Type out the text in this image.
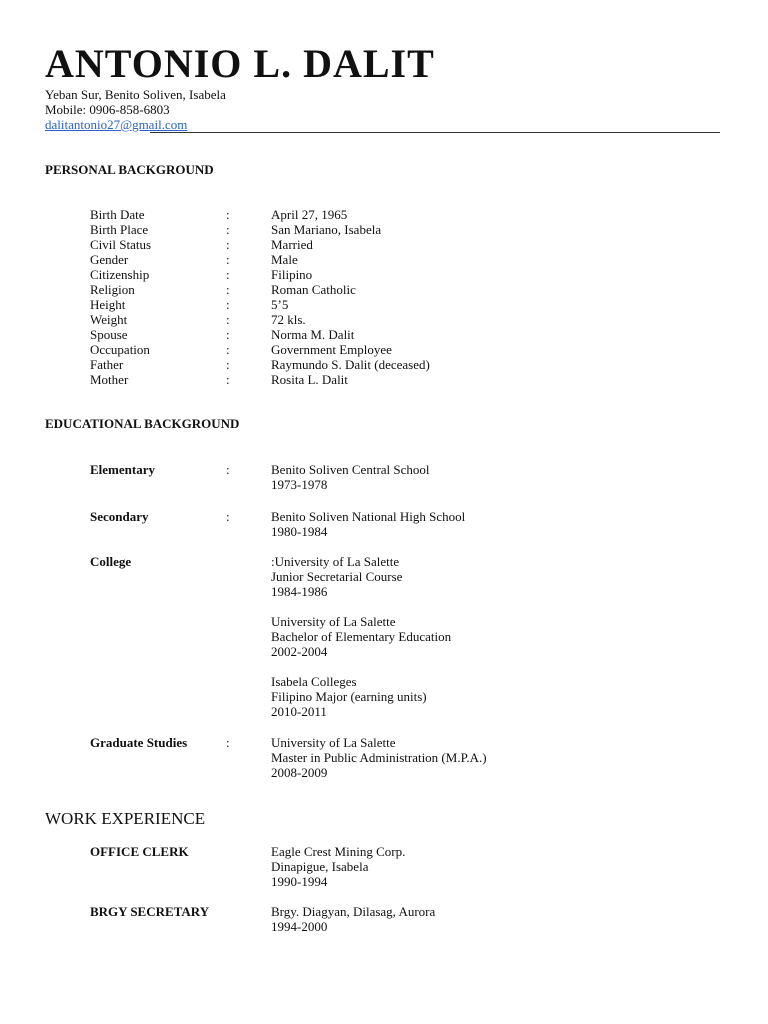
ANTONIO L. DALIT
Yeban Sur, Benito Soliven, Isabela
Mobile: 0906-858-6803
dalitantonio27@gmail.com
PERSONAL BACKGROUND
Birth Date	:	April 27, 1965
Birth Place	:	San Mariano, Isabela
Civil Status	:	Married
Gender	:	Male
Citizenship	:	Filipino
Religion	:	Roman Catholic
Height	:	5’5
Weight	:	72 kls.
Spouse	:	Norma M. Dalit
Occupation	:	Government Employee
Father	:	Raymundo S. Dalit (deceased)
Mother	:	Rosita L. Dalit
EDUCATIONAL BACKGROUND
Elementary	:	Benito Soliven Central School
1973-1978
Secondary	:	Benito Soliven National High School
1980-1984
College	:University of La Salette
Junior Secretarial Course
1984-1986
University of La Salette
Bachelor of Elementary Education
2002-2004
Isabela Colleges
Filipino Major (earning units)
2010-2011
Graduate Studies	:	University of La Salette
Master in Public Administration (M.P.A.)
2008-2009
WORK EXPERIENCE
OFFICE CLERK	Eagle Crest Mining Corp.
Dinapigue, Isabela
1990-1994
BRGY SECRETARY	Brgy. Diagyan, Dilasag, Aurora
1994-2000
